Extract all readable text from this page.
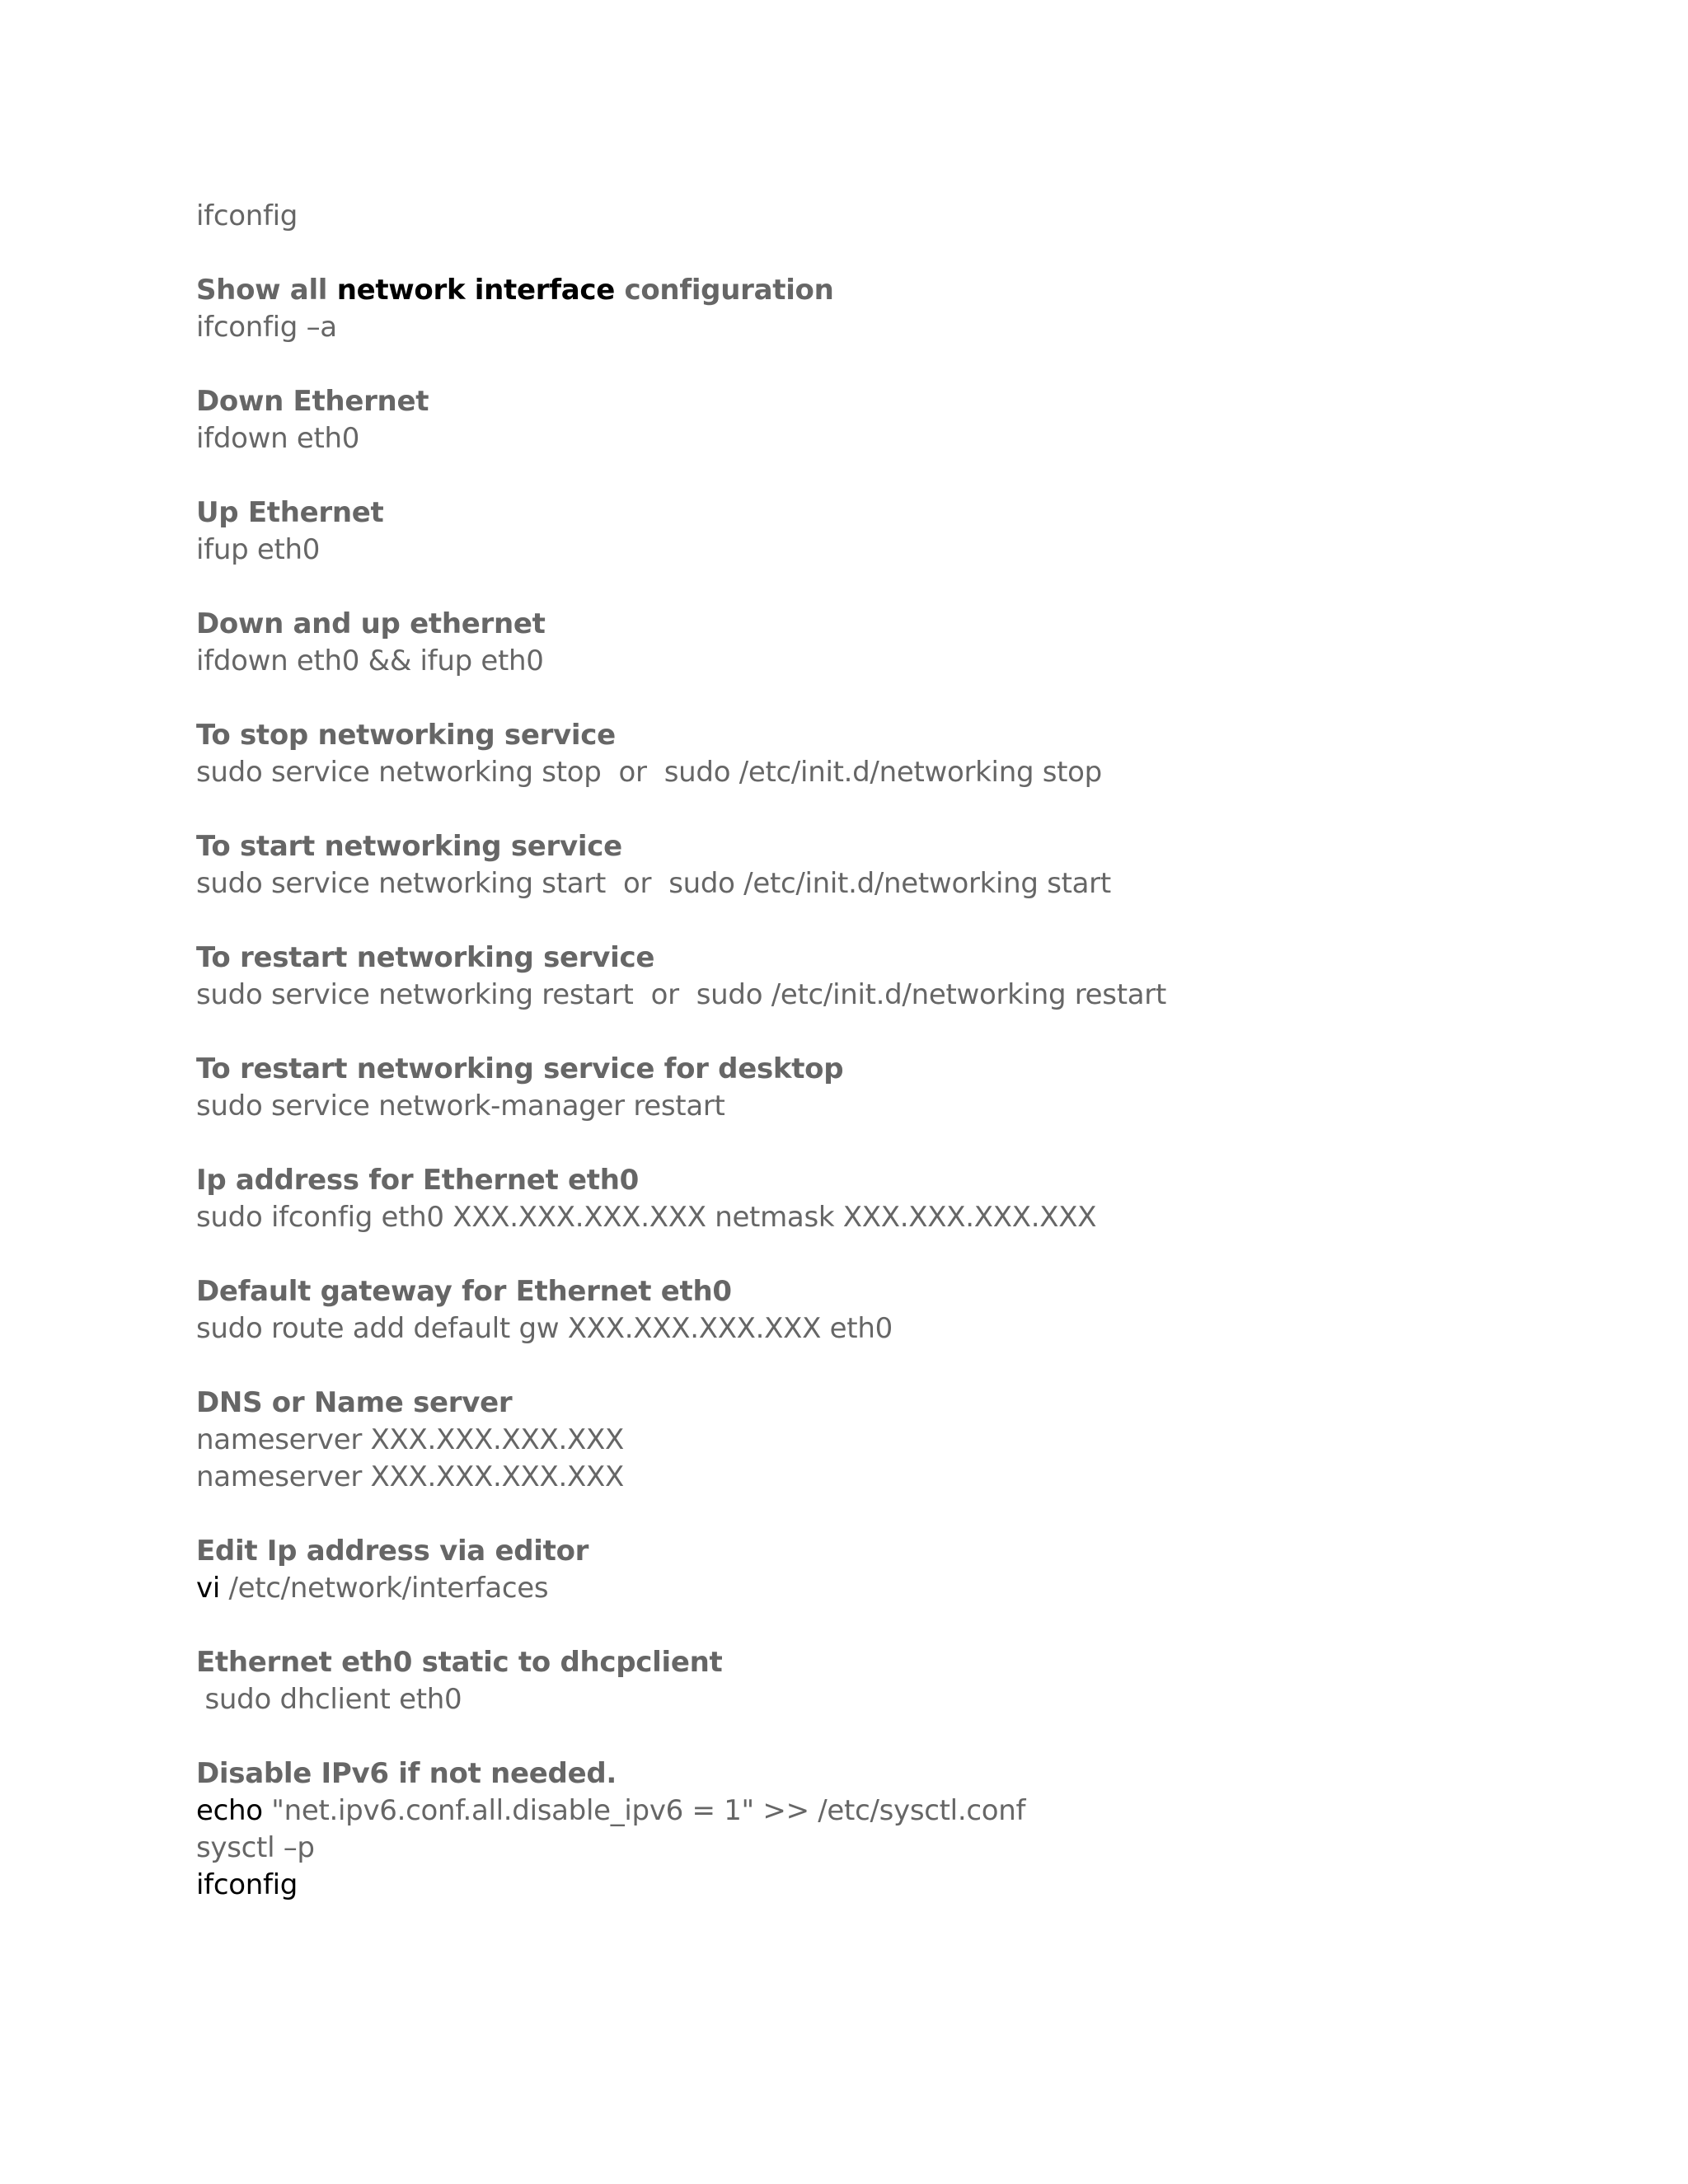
ifconfig
Show all network interface configuration
ifconfig –a
Down Ethernet
ifdown eth0
Up Ethernet
ifup eth0
Down and up ethernet
ifdown eth0 && ifup eth0
To stop networking service
sudo service networking stop  or  sudo /etc/init.d/networking stop
To start networking service
sudo service networking start  or  sudo /etc/init.d/networking start
To restart networking service
sudo service networking restart  or  sudo /etc/init.d/networking restart
To restart networking service for desktop
sudo service network-manager restart
Ip address for Ethernet eth0
sudo ifconfig eth0 XXX.XXX.XXX.XXX netmask XXX.XXX.XXX.XXX
Default gateway for Ethernet eth0
sudo route add default gw XXX.XXX.XXX.XXX eth0
DNS or Name server
nameserver XXX.XXX.XXX.XXX
nameserver XXX.XXX.XXX.XXX
Edit Ip address via editor
vi /etc/network/interfaces
Ethernet eth0 static to dhcpclient
sudo dhclient eth0
Disable IPv6 if not needed.
echo "net.ipv6.conf.all.disable_ipv6 = 1" >> /etc/sysctl.conf
sysctl –p
ifconfig
